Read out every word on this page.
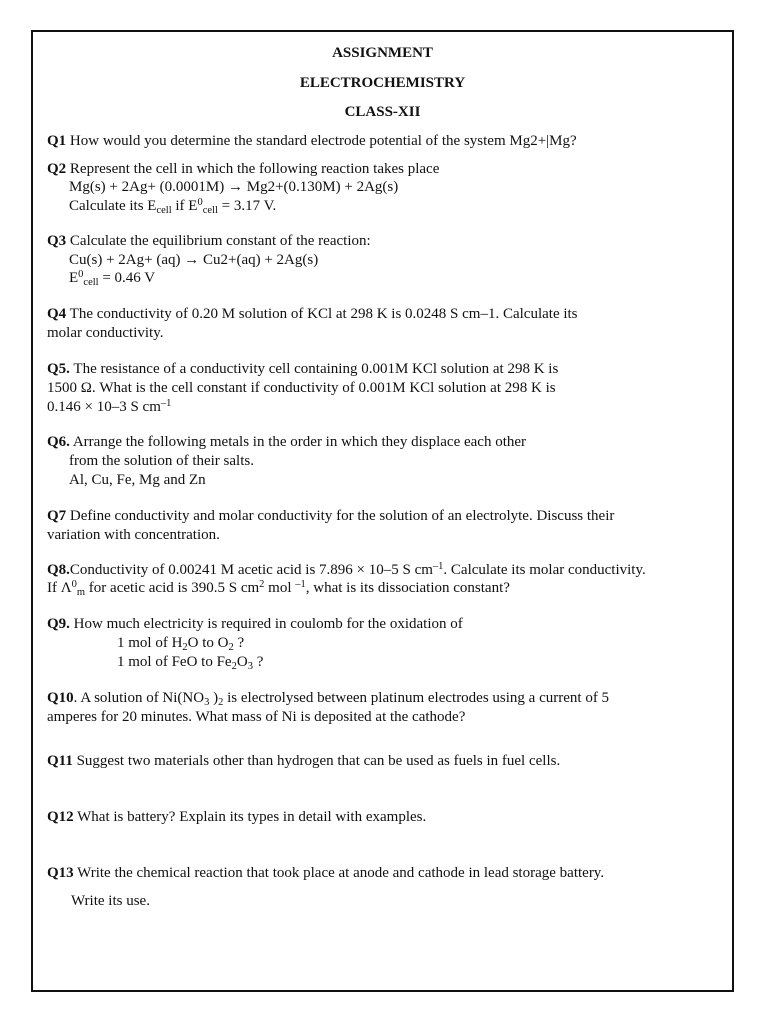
ASSIGNMENT
ELECTROCHEMISTRY
CLASS-XII
Q1 How would you determine the standard electrode potential of the system Mg2+|Mg?
Q2 Represent the cell in which the following reaction takes place
Mg(s) + 2Ag+ (0.0001M) → Mg2+(0.130M) + 2Ag(s)
Calculate its $E_{cell}$ if $E^0_{cell} = 3.17$ V.
Q3 Calculate the equilibrium constant of the reaction:
Cu(s) + 2Ag+ (aq) → Cu2+(aq) + 2Ag(s)
$E^0_{cell} = 0.46$ V
Q4 The conductivity of 0.20 M solution of KCl at 298 K is 0.0248 S cm–1. Calculate its
molar conductivity.
Q5. The resistance of a conductivity cell containing 0.001M KCl solution at 298 K is
1500 Ω. What is the cell constant if conductivity of 0.001M KCl solution at 298 K is
0.146 × 10–3 S $cm^{-1}$
Q6. Arrange the following metals in the order in which they displace each other
from the solution of their salts.
Al, Cu, Fe, Mg and Zn
Q7 Define conductivity and molar conductivity for the solution of an electrolyte. Discuss their
variation with concentration.
Q8.Conductivity of 0.00241 M acetic acid is 7.896 × 10–5 S $cm^{-1}$. Calculate its molar conductivity.
If $\Lambda^0_m$ for acetic acid is 390.5 S $cm^2$ mol $^{-1}$, what is its dissociation constant?
Q9. How much electricity is required in coulomb for the oxidation of
1 mol of $H_2O$ to $O_2$ ?
1 mol of FeO to $Fe_2O_3$ ?
Q10. A solution of $Ni(NO_3$ )$_2$ is electrolysed between platinum electrodes using a current of 5
amperes for 20 minutes. What mass of Ni is deposited at the cathode?
Q11 Suggest two materials other than hydrogen that can be used as fuels in fuel cells.
Q12 What is battery? Explain its types in detail with examples.
Q13 Write the chemical reaction that took place at anode and cathode in lead storage battery.
Write its use.
